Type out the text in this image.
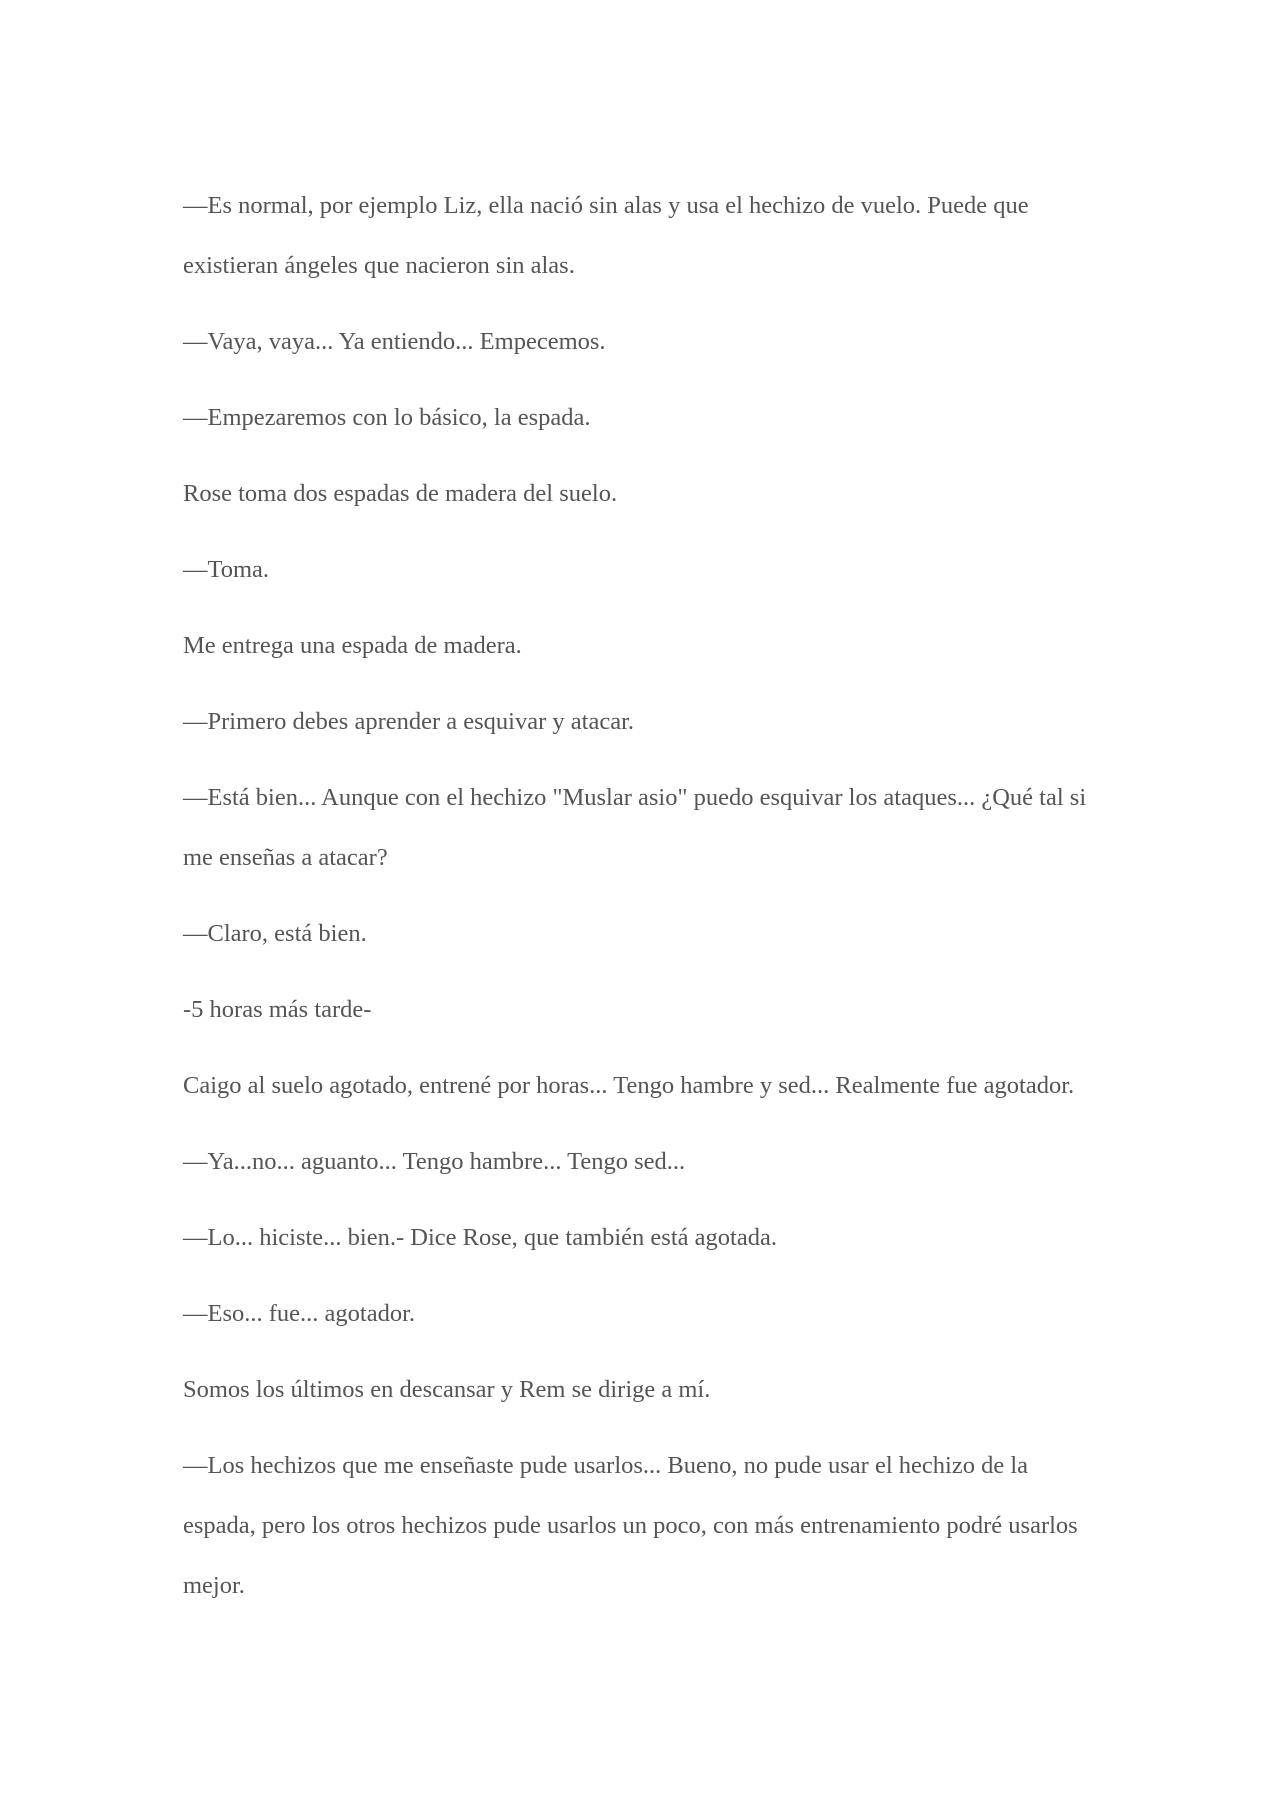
—Es normal, por ejemplo Liz, ella nació sin alas y usa el hechizo de vuelo. Puede que existieran ángeles que nacieron sin alas.

—Vaya, vaya... Ya entiendo... Empecemos.

—Empezaremos con lo básico, la espada.

Rose toma dos espadas de madera del suelo.

—Toma.

Me entrega una espada de madera.

—Primero debes aprender a esquivar y atacar.

—Está bien... Aunque con el hechizo "Muslar asio" puedo esquivar los ataques... ¿Qué tal si me enseñas a atacar?

—Claro, está bien.

-5 horas más tarde-

Caigo al suelo agotado, entrené por horas... Tengo hambre y sed... Realmente fue agotador.

—Ya...no... aguanto... Tengo hambre... Tengo sed...

—Lo... hiciste... bien.- Dice Rose, que también está agotada.

—Eso... fue... agotador.

Somos los últimos en descansar y Rem se dirige a mí.

—Los hechizos que me enseñaste pude usarlos... Bueno, no pude usar el hechizo de la espada, pero los otros hechizos pude usarlos un poco, con más entrenamiento podré usarlos mejor.
